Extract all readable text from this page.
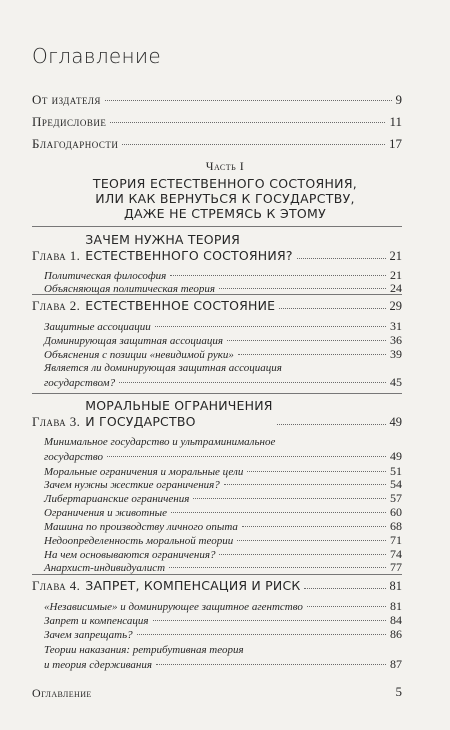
Оглавление
От издателя	9
Предисловие	11
Благодарности	17
Часть I
ТЕОРИЯ ЕСТЕСТВЕННОГО СОСТОЯНИЯ,
ИЛИ КАК ВЕРНУТЬСЯ К ГОСУДАРСТВУ,
ДАЖЕ НЕ СТРЕМЯСЬ К ЭТОМУ
Глава 1.
ЗАЧЕМ НУЖНА ТЕОРИЯ
ЕСТЕСТВЕННОГО СОСТОЯНИЯ?	21
Политическая философия	21
Объясняющая политическая теория	24
Глава 2. ЕСТЕСТВЕННОЕ СОСТОЯНИЕ	29
Защитные ассоциации	31
Доминирующая защитная ассоциация	36
Объяснения с позиции «невидимой руки»	39
Является ли доминирующая защитная ассоциация
государством?	45
Глава 3.
МОРАЛЬНЫЕ ОГРАНИЧЕНИЯ
И ГОСУДАРСТВО	49
Минимальное государство и ультраминимальное
государство	49
Моральные ограничения и моральные цели	51
Зачем нужны жесткие ограничения?	54
Либертарианские ограничения	57
Ограничения и животные	60
Машина по производству личного опыта	68
Недоопределенность моральной теории	71
На чем основываются ограничения?	74
Анархист-индивидуалист	77
Глава 4. ЗАПРЕТ, КОМПЕНСАЦИЯ И РИСК	81
«Независимые» и доминирующее защитное агентство	81
Запрет и компенсация	84
Зачем запрещать?	86
Теории наказания: ретрибутивная теория
и теория сдерживания	87
Оглавление	5
